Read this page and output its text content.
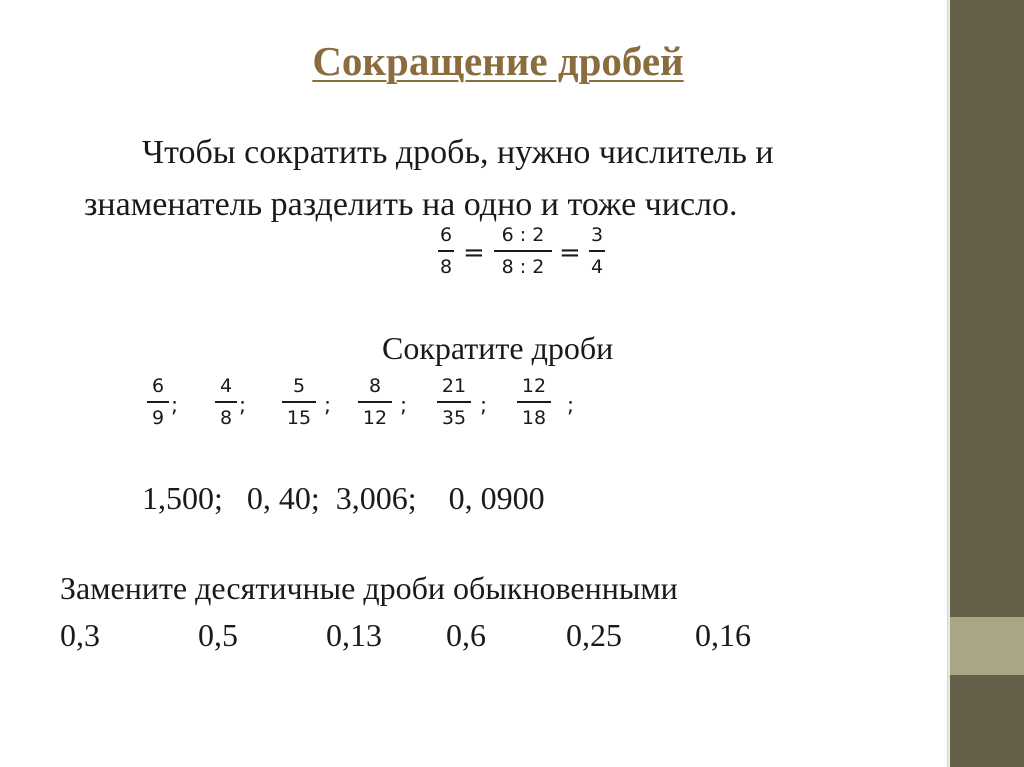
Сокращение дробей
Чтобы сократить дробь, нужно числитель и
знаменатель разделить на одно и тоже число.
6
8 =
6 : 2
8 : 2 =
3
4
Сократите дроби
6
9
;
4
8
;
5
15
;
8
12
;
21
35
;
12
18
;
1,500;   0, 40;  3,006;    0, 0900
Замените десятичные дроби обыкновенными
0,3	0,5	0,13 0,6	0,25 0,16
